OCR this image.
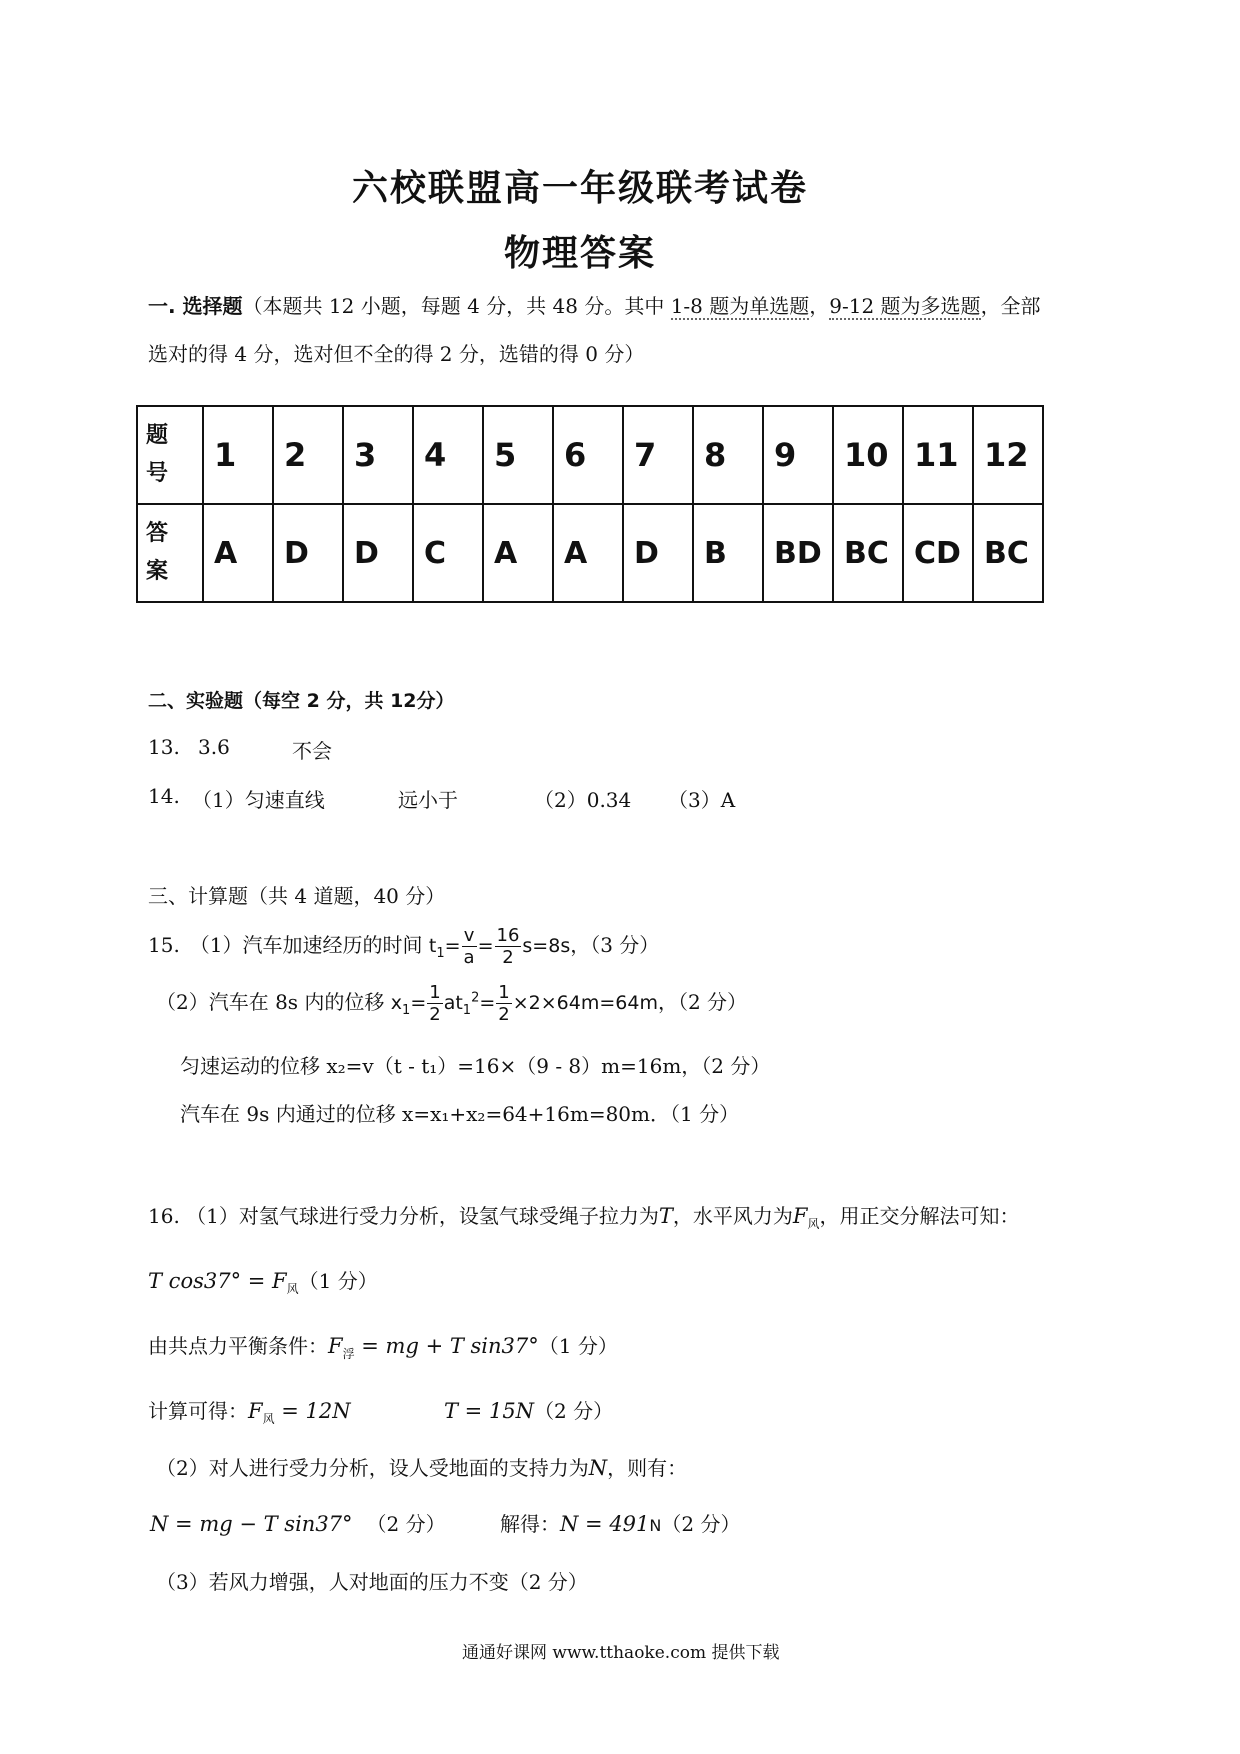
六校联盟高一年级联考试卷
物理答案
一. 选择题（本题共 12 小题，每题 4 分，共 48 分。其中 1-8 题为单选题，9-12 题为多选题，全部
选对的得 4 分，选对但不全的得 2 分，选错的得 0 分）
题
号	1	2	3	4	5	6	7	8	9	10	11	12

答
案	A	D	D	C	A	A	D	B	BD	BC	CD	BC
二、实验题（每空 2 分，共 12分）
13. 3.6	不会
14. （1）匀速直线	远小于	（2）0.34 （3）A
三、计算题（共 4 道题，40 分）
15.　（1）汽车加速经历的时间 $t_1= \frac{v}{a} = \frac{16}{2} s=8s$，（3 分）
（2）汽车在 8s 内的位移 $x_1= \frac{1}{2} at_1^2= \frac{1}{2} \times 2\times 64m=64m$，（2 分）
匀速运动的位移 x₂=v（t - t₁）=16×（9 - 8）m=16m，（2 分）
汽车在 9s 内通过的位移 x=x₁+x₂=64+16m=80m．（1 分）
16. （1）对氢气球进行受力分析，设氢气球受绳子拉力为T，水平风力为$F_风$，用正交分解法可知：
T $\cos 37^\circ = F_风(1$ 分）
由共点力平衡条件：$F_浮$ = mg + T sin37°（1 分）
计算可得：$F_风 = 12N$	T = 15N（2 分）
（2）对人进行受力分析，设人受地面的支持力为N，则有：
N = mg − T sin37° （2 分）	解得：N = 491N（2 分）
（3）若风力增强，人对地面的压力不变（2 分）
通通好课网 www.tthaoke.com 提供下载
